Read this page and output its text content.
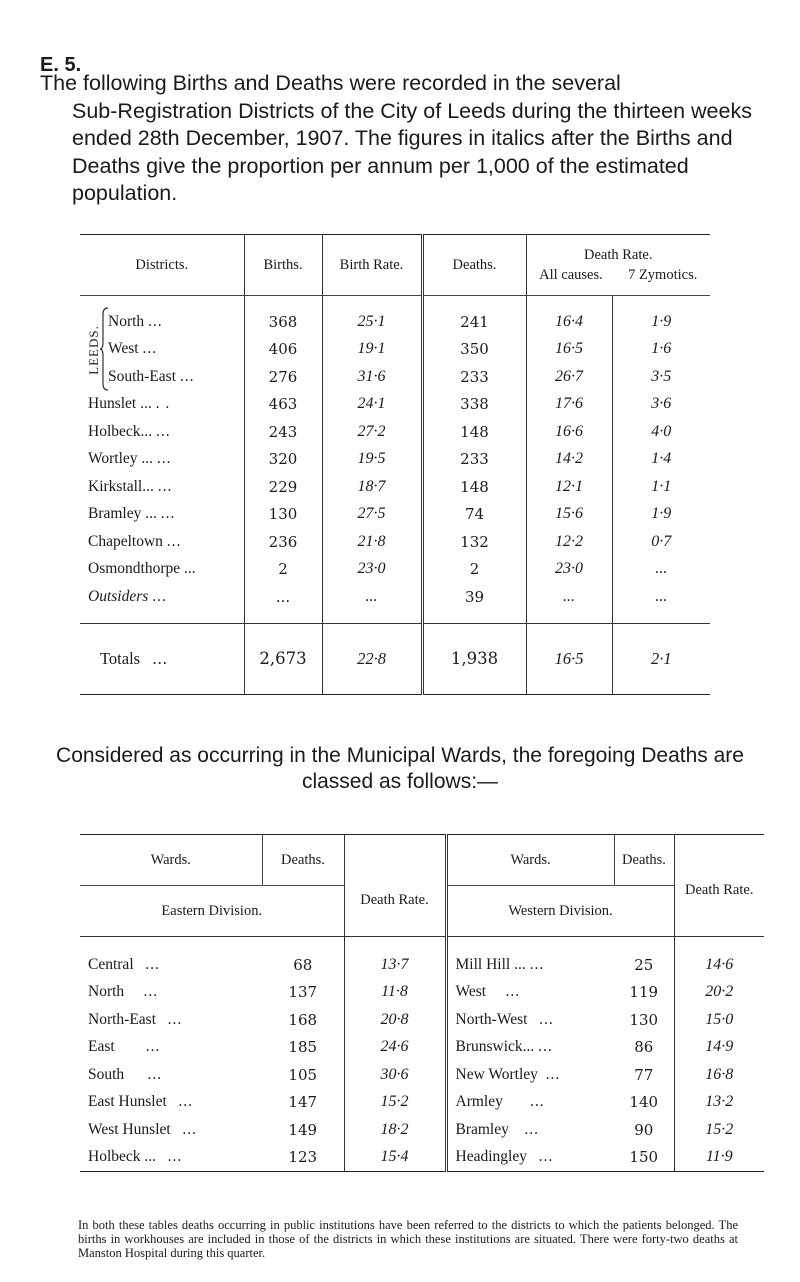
E. 5.

The following Births and Deaths were recorded in the several
Sub-Registration Districts of the City of Leeds during the thirteen weeks ended 28th December, 1907. The figures in italics after the Births and Deaths give the proportion per annum per 1,000 of the estimated population.

LEEDS.
Districts.	Births.	Birth Rate.	Deaths.	Death Rate.
All causes. 7 Zymotics.	

North ...	368	25·1	241	16·4	1·9
West ...	406	19·1	350	16·5	1·6
South-East ...	276	31·6	233	26·7	3·5
Hunslet ... . .	463	24·1	338	17·6	3·6
Holbeck... ...	243	27·2	148	16·6	4·0
Wortley ... ...	320	19·5	233	14·2	1·4
Kirkstall... ...	229	18·7	148	12·1	1·1
Bramley ... ...	130	27·5	74	15·6	1·9
Chapeltown ...	236	21·8	132	12·2	0·7
Osmondthorpe ...	2	23·0	2	23·0	...
Outsiders ...	...	...	39	...	...

Totals ...	2,673	22·8	1,938	16·5	2·1
Considered as occurring in the Municipal Wards, the foregoing Deaths are classed as follows:—
Wards.	Deaths.	Death Rate.	Wards.	Deaths.	Death Rate.
Eastern Division.			Western Division.		

Central ...	68	13·7	Mill Hill ... ...	25	14·6
North ...	137	11·8	West ...	119	20·2
North-East ...	168	20·8	North-West ...	130	15·0
East ...	185	24·6	Brunswick... ...	86	14·9
South ...	105	30·6	New Wortley ...	77	16·8
East Hunslet ...	147	15·2	Armley ...	140	13·2
West Hunslet ...	149	18·2	Bramley ...	90	15·2
Holbeck ... ...	123	15·4	Headingley ...	150	11·9

In both these tables deaths occurring in public institutions have been referred to the districts to which the patients belonged. The births in workhouses are included in those of the districts in which these institutions are situated. There were forty-two deaths at Manston Hospital during this quarter.
